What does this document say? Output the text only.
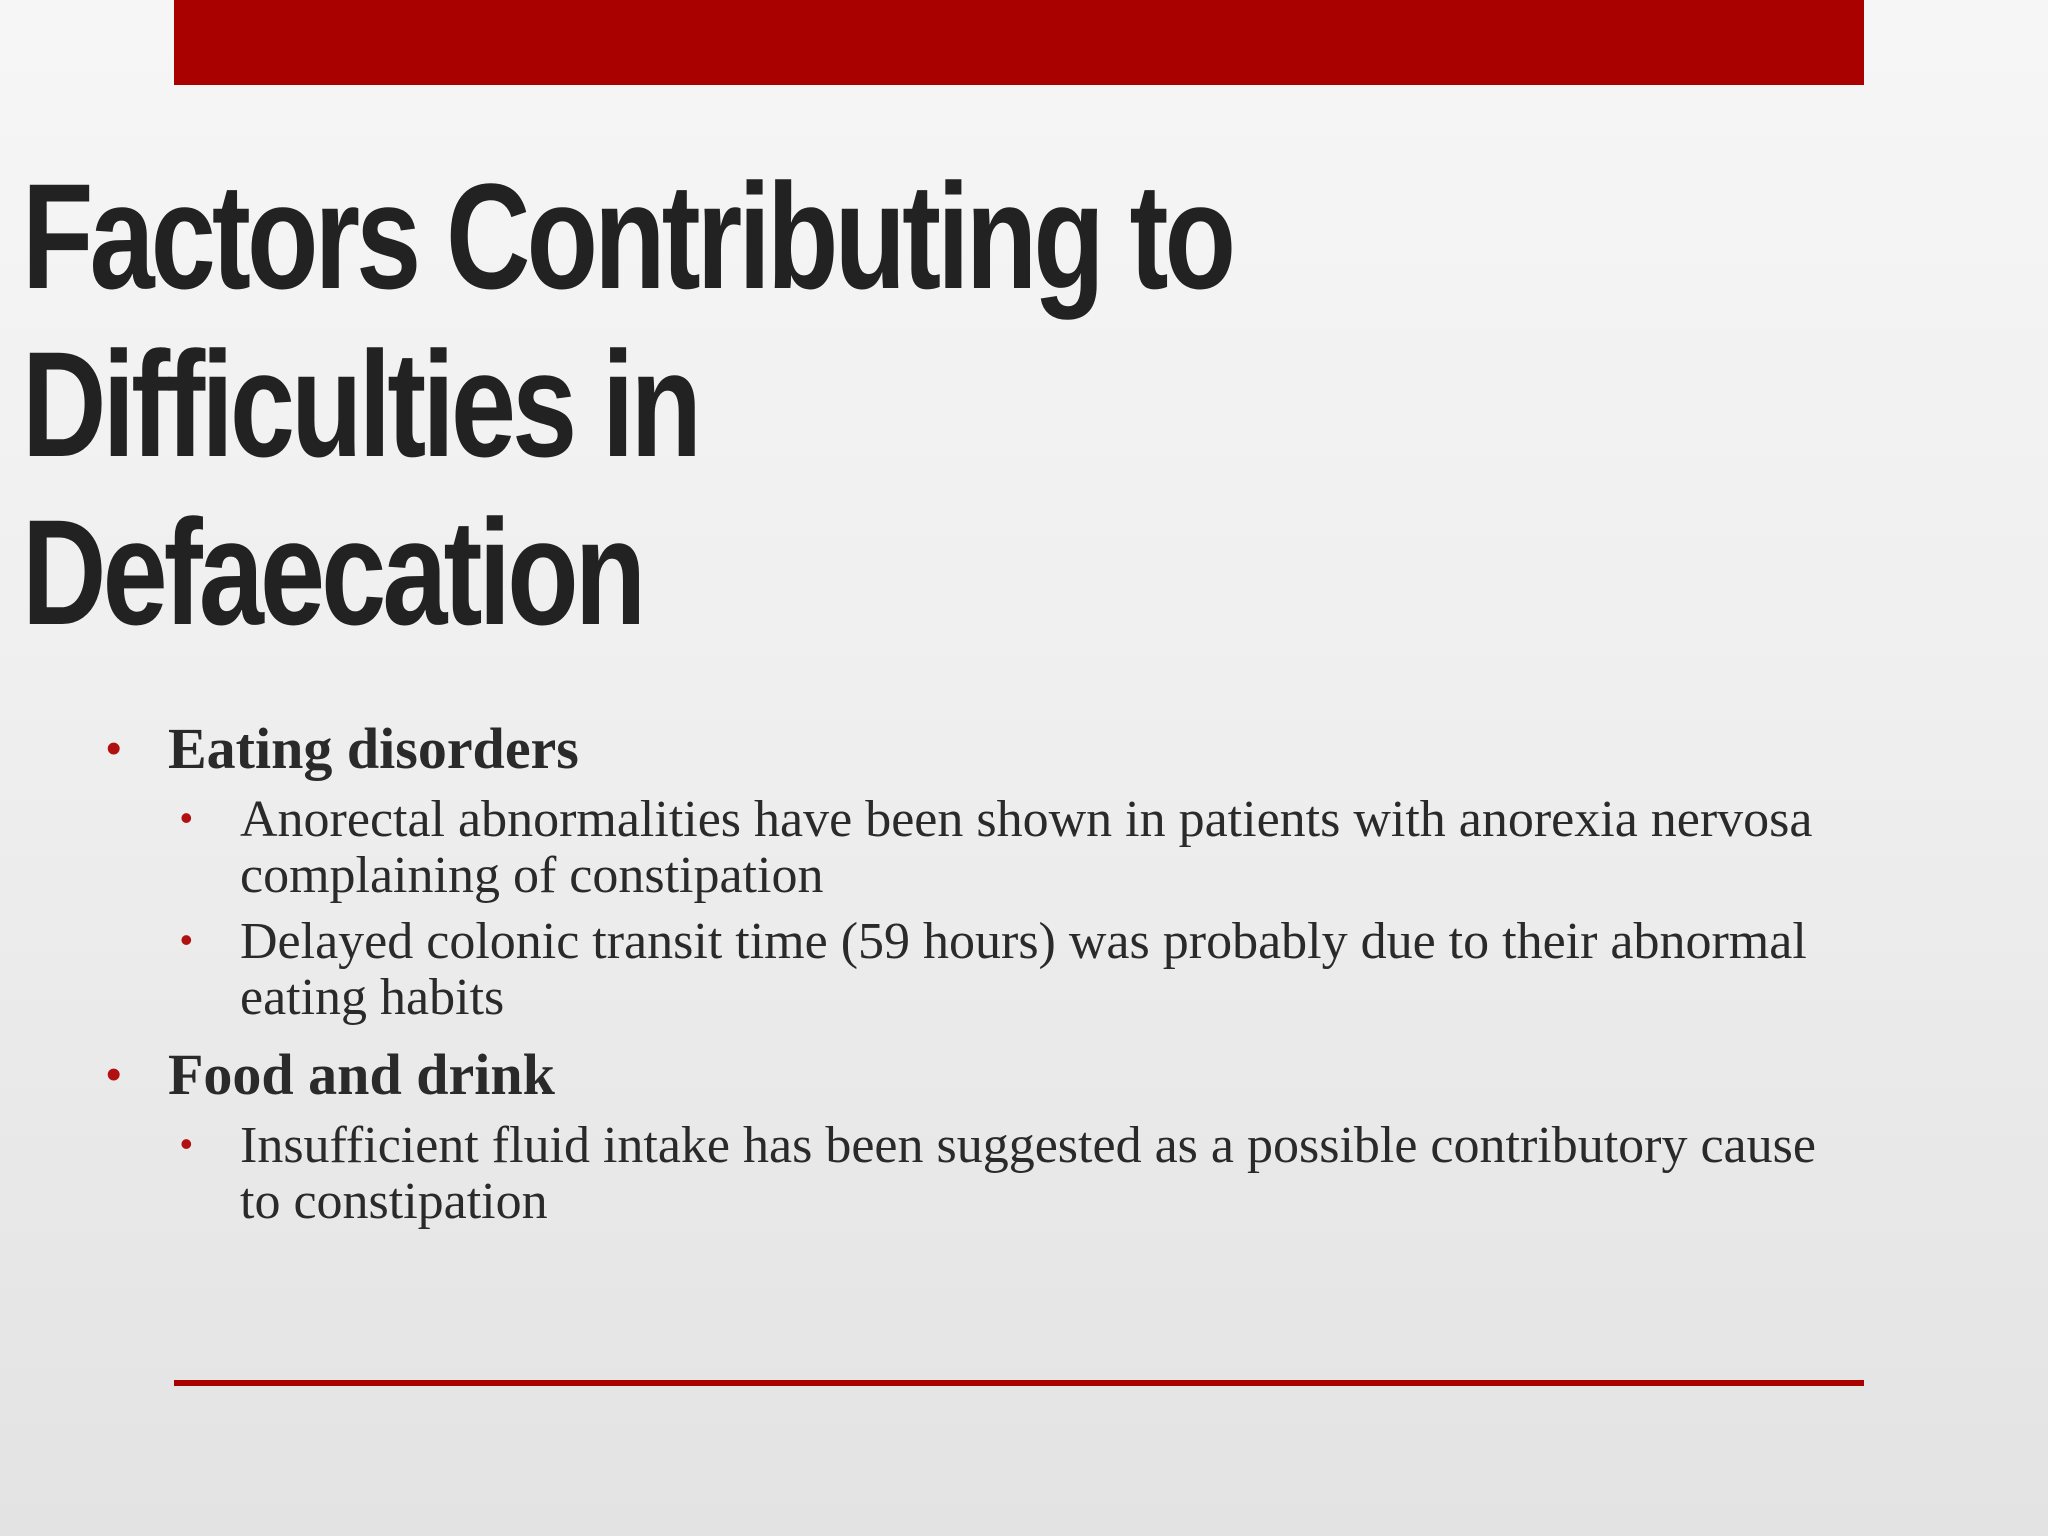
Factors Contributing to
Difficulties in
Defaecation
• Eating disorders
• Anorectal abnormalities have been shown in patients with anorexia nervosa complaining of constipation
• Delayed colonic transit time (59 hours) was probably due to their abnormal eating habits
• Food and drink
• Insufficient fluid intake has been suggested as a possible contributory cause to constipation
